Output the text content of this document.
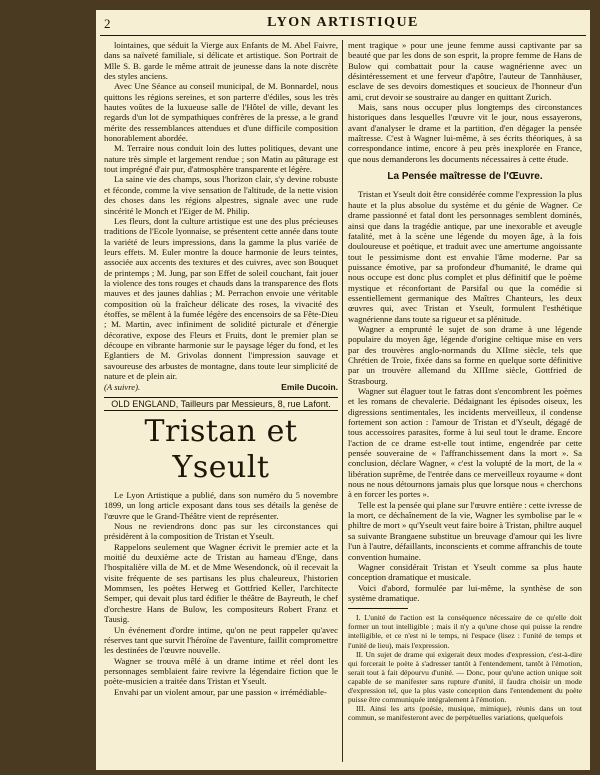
2	LYON ARTISTIQUE

lointaines, que séduit la Vierge aux Enfants de M. Abel Faivre, dans sa naïveté familiale, si délicate et artistique. Son Portrait de Mlle S. B. garde le même attrait de jeunesse dans la note discrète des styles anciens.

Avec Une Séance au conseil municipal, de M. Bonnardel, nous quittons les régions sereines, et son parterre d'édiles, sous les très hautes voûtes de la luxueuse salle de l'Hôtel de ville, devant les regards d'un lot de sympathiques confrères de la presse, a le grand mérite des ressemblances attendues et d'une difficile composition honorablement abordée.

M. Terraire nous conduit loin des luttes politiques, devant une nature très simple et largement rendue ; son Matin au pâturage est tout imprégné d'air pur, d'atmosphère transparente et légère.

La saine vie des champs, sous l'horizon clair, s'y devine robuste et féconde, comme la vive sensation de l'altitude, de la nette vision des choses dans les régions alpestres, signale avec une rude sincérité le Monch et l'Eiger de M. Philip.

Les fleurs, dont la culture artistique est une des plus précieuses traditions de l'Ecole lyonnaise, se présentent cette année dans toute la variété de leurs impressions, dans la gamme la plus variée de leurs effets. M. Euler montre la douce harmonie de leurs teintes, associée aux accents des textures et des cuivres, avec son Bouquet de printemps ; M. Jung, par son Effet de soleil couchant, fait jouer la violence des tons rouges et chauds dans la transparence des flots mauves et des jaunes dahlias ; M. Perrachon envoie une véritable composition où la fraîcheur délicate des roses, la vivacité des étoffes, se mêlent à la fumée légère des encensoirs de sa Fête-Dieu ; M. Martin, avec infiniment de solidité picturale et d'énergie décorative, expose des Fleurs et Fruits, dont le premier plan se découpe en vibrante harmonie sur le paysage léger du fond, et les Eglantiers de M. Grivolas donnent l'impression sauvage et savoureuse des arbustes de montagne, dans toute leur simplicité de nature et de plein air.

(A suivre).	Emile Ducoin.
OLD ENGLAND, Tailleurs par Messieurs, 8, rue Lafont.
Tristan et Yseult

Le Lyon Artistique a publié, dans son numéro du 5 novembre 1899, un long article exposant dans tous ses détails la genèse de l'œuvre que le Grand-Théâtre vient de représenter.

Nous ne reviendrons donc pas sur les circonstances qui présidèrent à la composition de Tristan et Yseult.

Rappelons seulement que Wagner écrivit le premier acte et la moitié du deuxième acte de Tristan au hameau d'Enge, dans l'hospitalière villa de M. et de Mme Wesendonck, où il recevait la visite fréquente de ses partisans les plus chaleureux, l'historien Mommsen, les poètes Herweg et Gottfried Keller, l'architecte Semper, qui devait plus tard édifier le théâtre de Bayreuth, le chef d'orchestre Hans de Bulow, les compositeurs Robert Franz et Tausig.

Un événement d'ordre intime, qu'on ne peut rappeler qu'avec réserves tant que survit l'héroïne de l'aventure, faillit compromettre les destinées de l'œuvre nouvelle.

Wagner se trouva mêlé à un drame intime et réel dont les personnages semblaient faire revivre la légendaire fiction que le poète-musicien a traitée dans Tristan et Yseult.

Envahi par un violent amour, par une passion « irrémédiable-

ment tragique » pour une jeune femme aussi captivante par sa beauté que par les dons de son esprit, la propre femme de Hans de Bulow qui combattait pour la cause wagnérienne avec un désintéressement et une ferveur d'apôtre, l'auteur de Tannhäuser, esclave de ses devoirs domestiques et soucieux de l'honneur d'un ami, crut devoir se soustraire au danger en quittant Zurich.

Mais, sans nous occuper plus longtemps des circonstances historiques dans lesquelles l'œuvre vit le jour, nous essayerons, avant d'analyser le drame et la partition, d'en dégager la pensée maîtresse. C'est à Wagner lui-même, à ses écrits théoriques, à sa correspondance intime, encore à peu près inexplorée en France, que nous demanderons les documents nécessaires à cette étude.

La Pensée maîtresse de l'Œuvre.

Tristan et Yseult doit être considérée comme l'expression la plus haute et la plus absolue du système et du génie de Wagner. Ce drame passionné et fatal dont les personnages semblent dominés, ainsi que dans la tragédie antique, par une inexorable et aveugle fatalité, met à la scène une légende du moyen âge, à la fois douloureuse et poétique, et traduit avec une amertume angoissante tout le pessimisme dont est envahie l'âme moderne. Par sa puissance émotive, par sa profondeur d'humanité, le drame qui nous occupe est donc plus complet et plus définitif que le poème mystique et réconfortant de Parsifal ou que la comédie si essentiellement germanique des Maîtres Chanteurs, les deux œuvres qui, avec Tristan et Yseult, formulent l'esthétique wagnérienne dans toute sa rigueur et sa plénitude.

Wagner a emprunté le sujet de son drame à une légende populaire du moyen âge, légende d'origine celtique mise en vers par des trouvères anglo-normands du XIIme siècle, tels que Chrétien de Troie, fixée dans sa forme en quelque sorte définitive par un trouvère allemand du XIIIme siècle, Gottfried de Strasbourg.

Wagner sut élaguer tout le fatras dont s'encombrent les poèmes et les romans de chevalerie. Dédaignant les épisodes oiseux, les digressions sentimentales, les incidents merveilleux, il condense fortement son action : l'amour de Tristan et d'Yseult, dégagé de tous accessoires parasites, forme à lui seul tout le drame. Encore l'action de ce drame est-elle tout intime, engendrée par cette pensée souveraine de « l'affranchissement dans la mort ». Sa conclusion, déclare Wagner, « c'est la volupté de la mort, de la « libération suprême, de l'entrée dans ce merveilleux royaume « dont nous ne nous détournons jamais plus que lorsque nous « cherchons à en forcer les portes ».

Telle est la pensée qui plane sur l'œuvre entière : cette ivresse de la mort, ce déchaînement de la vie, Wagner les symbolise par le « philtre de mort » qu'Yseult veut faire boire à Tristan, philtre auquel sa suivante Brangaene substitue un breuvage d'amour qui les livre l'un à l'autre, défaillants, inconscients et comme affranchis de toute convention humaine.

Wagner considérait Tristan et Yseult comme sa plus haute conception dramatique et musicale.

Voici d'abord, formulée par lui-même, la synthèse de son système dramatique.

I. L'unité de l'action est la conséquence nécessaire de ce qu'elle doit former un tout intelligible ; mais il n'y a qu'une chose qui puisse la rendre intelligible, et ce n'est ni le temps, ni l'espace (lisez : l'unité de temps et l'unité de lieu), mais l'expression.

II. Un sujet de drame qui exigerait deux modes d'expression, c'est-à-dire qui forcerait le poète à s'adresser tantôt à l'entendement, tantôt à l'émotion, serait tout à fait dépourvu d'unité. — Donc, pour qu'une action unique soit capable de se manifester sans rupture d'unité, il faudra choisir un mode d'expression tel, que la plus vaste conception dans l'entendement du poète puisse être communiquée intégralement à l'émotion.

III. Ainsi les arts (poésie, musique, mimique), réunis dans un tout commun, se manifesteront avec de perpétuelles variations, quelquefois
